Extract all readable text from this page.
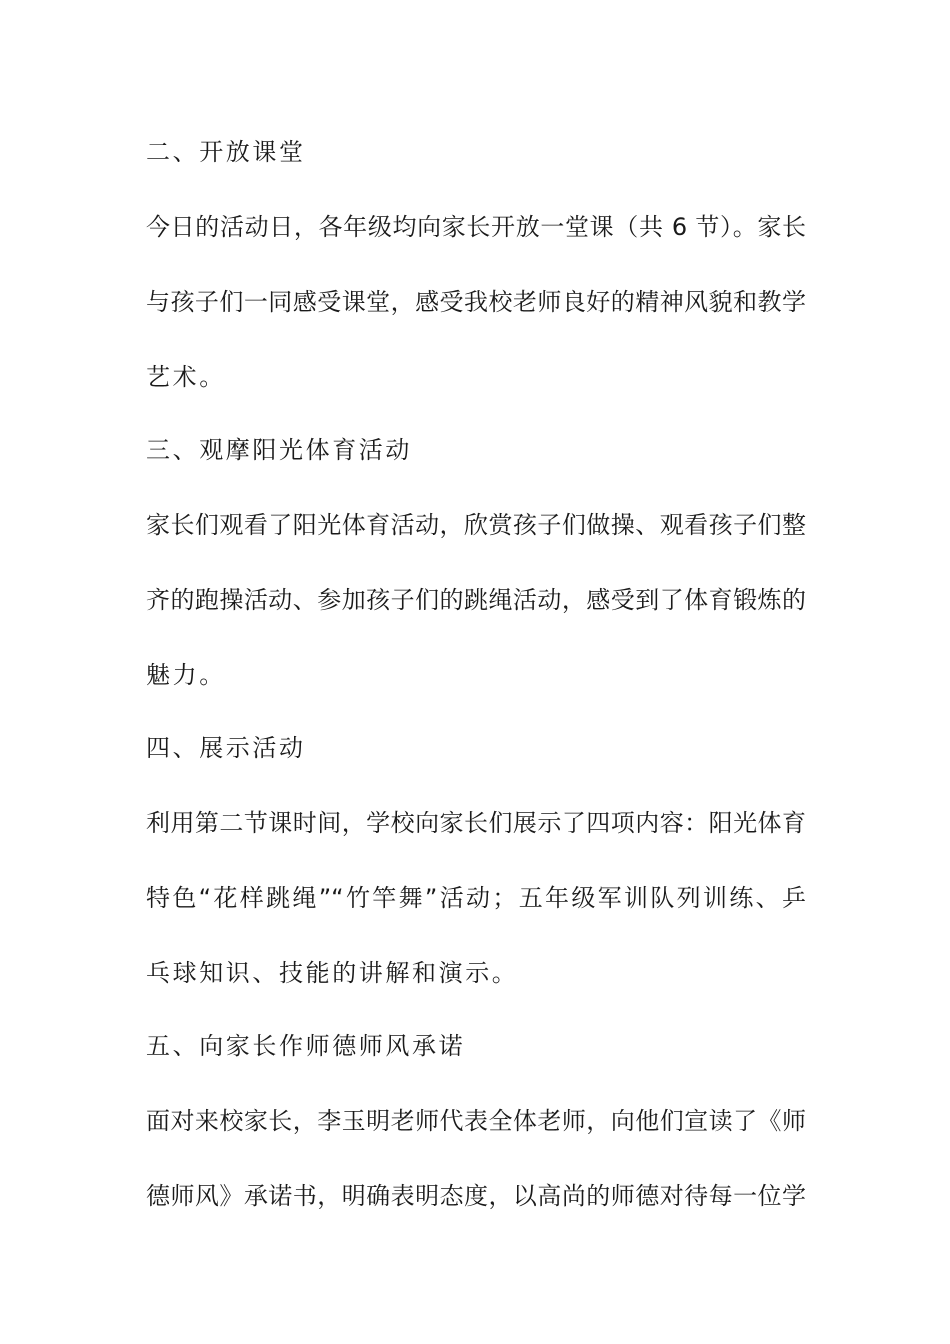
二、开放课堂
今日的活动日，各年级均向家长开放一堂课（共 6 节）。家长
与孩子们一同感受课堂，感受我校老师良好的精神风貌和教学
艺术。
三、观摩阳光体育活动
家长们观看了阳光体育活动，欣赏孩子们做操、观看孩子们整
齐的跑操活动、参加孩子们的跳绳活动，感受到了体育锻炼的
魅力。
四、展示活动
利用第二节课时间，学校向家长们展示了四项内容：阳光体育
特色“花样跳绳”“竹竿舞”活动；五年级军训队列训练、乒
乓球知识、技能的讲解和演示。
五、向家长作师德师风承诺
面对来校家长，李玉明老师代表全体老师，向他们宣读了《师
德师风》承诺书，明确表明态度，以高尚的师德对待每一位学
